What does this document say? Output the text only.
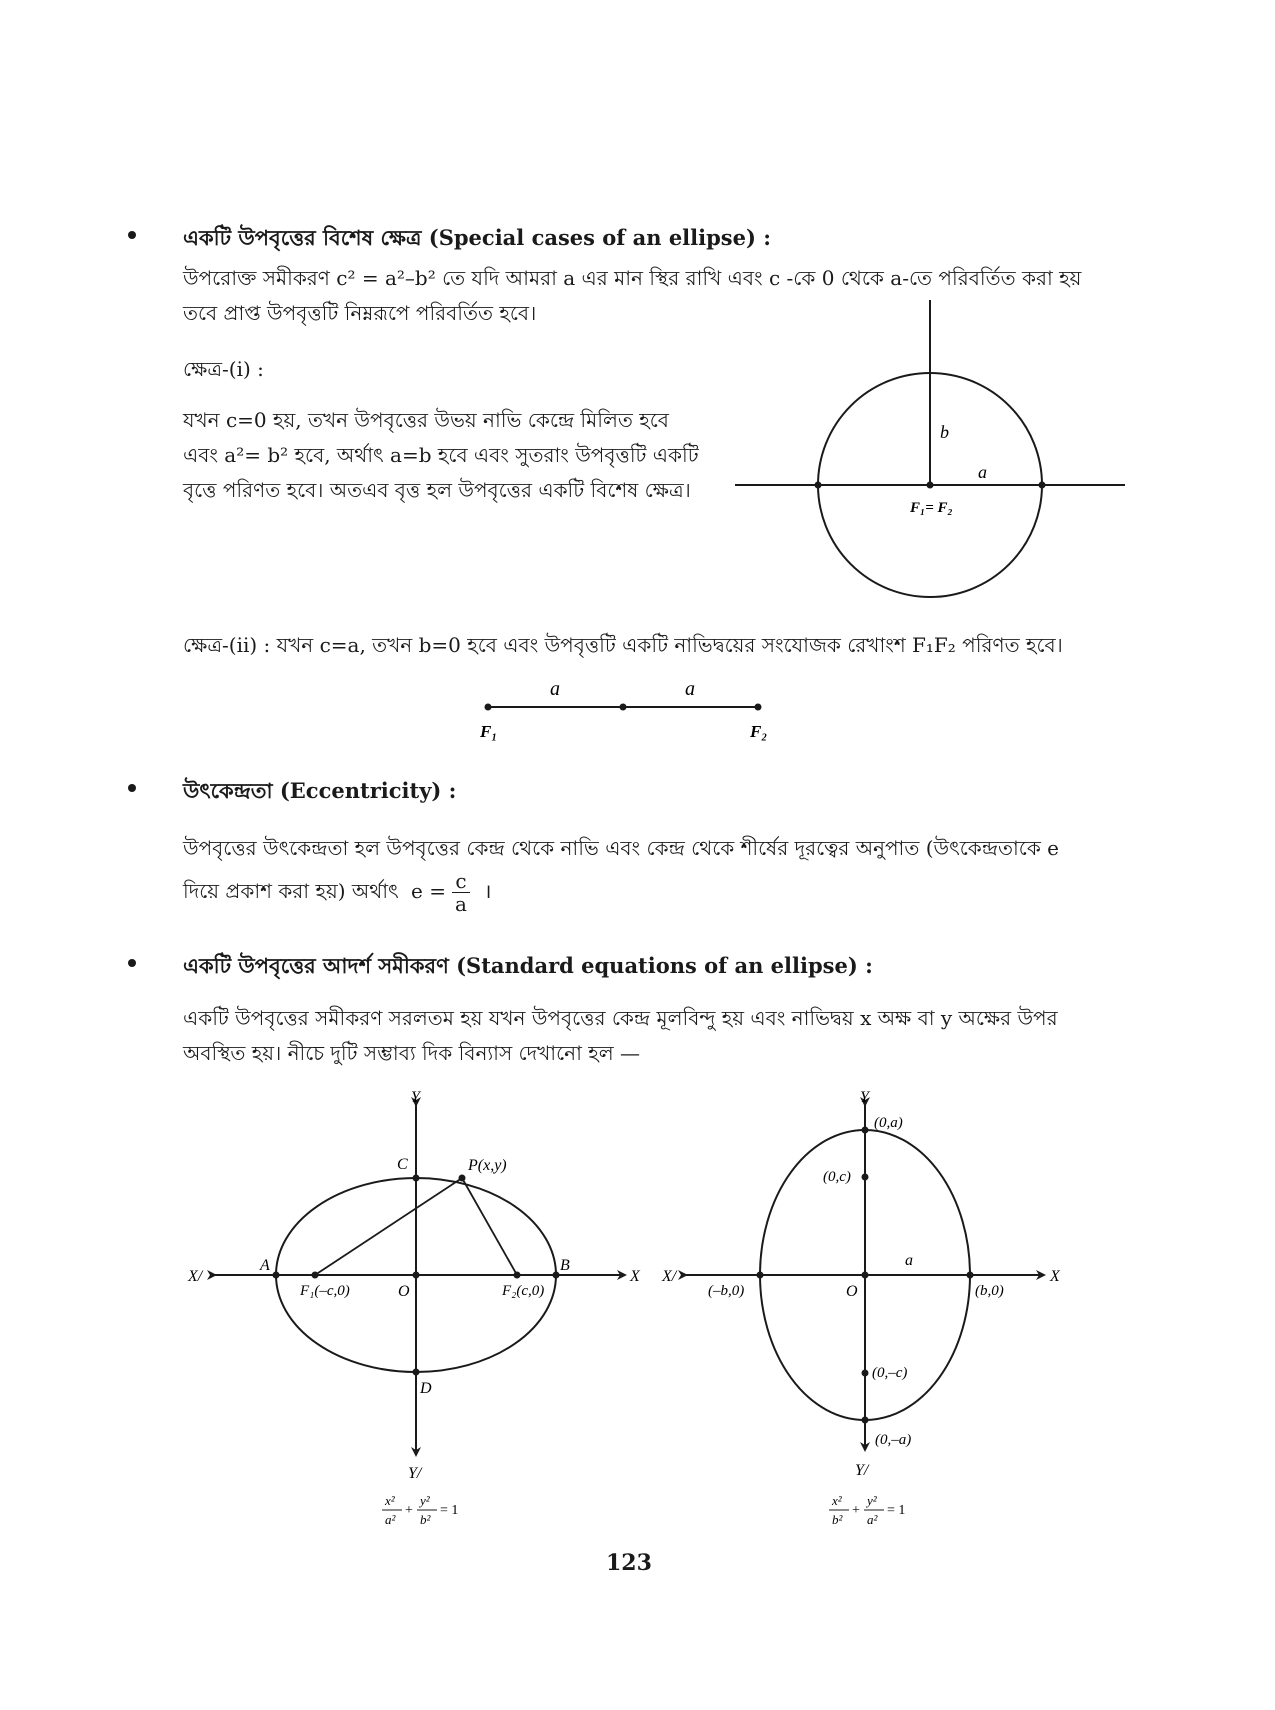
একটি উপবৃত্তের বিশেষ ক্ষেত্র (Special cases of an ellipse) :
উপরোক্ত সমীকরণ c² = a²–b² তে যদি আমরা a এর মান স্থির রাখি এবং c -কে 0 থেকে a-তে পরিবর্তিত করা হয়
তবে প্রাপ্ত উপবৃত্তটি নিম্নরূপে পরিবর্তিত হবে।
ক্ষেত্র-(i) :
যখন c=0 হয়, তখন উপবৃত্তের উভয় নাভি কেন্দ্রে মিলিত হবে
এবং a²= b² হবে, অর্থাৎ a=b হবে এবং সুতরাং উপবৃত্তটি একটি
বৃত্তে পরিণত হবে। অতএব বৃত্ত হল উপবৃত্তের একটি বিশেষ ক্ষেত্র।
b
a
F₁= F₂
ক্ষেত্র-(ii) : যখন c=a, তখন b=0 হবে এবং উপবৃত্তটি একটি নাভিদ্বয়ের সংযোজক রেখাংশ F₁F₂ পরিণত হবে।
a	a
F₁	F₂
উৎকেন্দ্রতা (Eccentricity) :
উপবৃত্তের উৎকেন্দ্রতা হল উপবৃত্তের কেন্দ্র থেকে নাভি এবং কেন্দ্র থেকে শীর্ষের দূরত্বের অনুপাত (উৎকেন্দ্রতাকে e
দিয়ে প্রকাশ করা হয়) অর্থাৎ $e = \frac{c}{a}$ ।
একটি উপবৃত্তের আদর্শ সমীকরণ (Standard equations of an ellipse) :
একটি উপবৃত্তের সমীকরণ সরলতম হয় যখন উপবৃত্তের কেন্দ্র মূলবিন্দু হয় এবং নাভিদ্বয় x অক্ষ বা y অক্ষের উপর
অবস্থিত হয়। নীচে দুটি সম্ভাব্য দিক বিন্যাস দেখানো হল —
Y
Y/
X/	X
C	P(x,y)
A	B
F₁(–c,0)	O	F₂(c,0)
D
x²
a²
+
y²
b²
= 1
Y
Y/
X/	X
(0,a)
(0,c)
a
(–b,0)	O	(b,0)
(0,–c)
(0,–a)
x²
b²
+
y²
a²
= 1
123
